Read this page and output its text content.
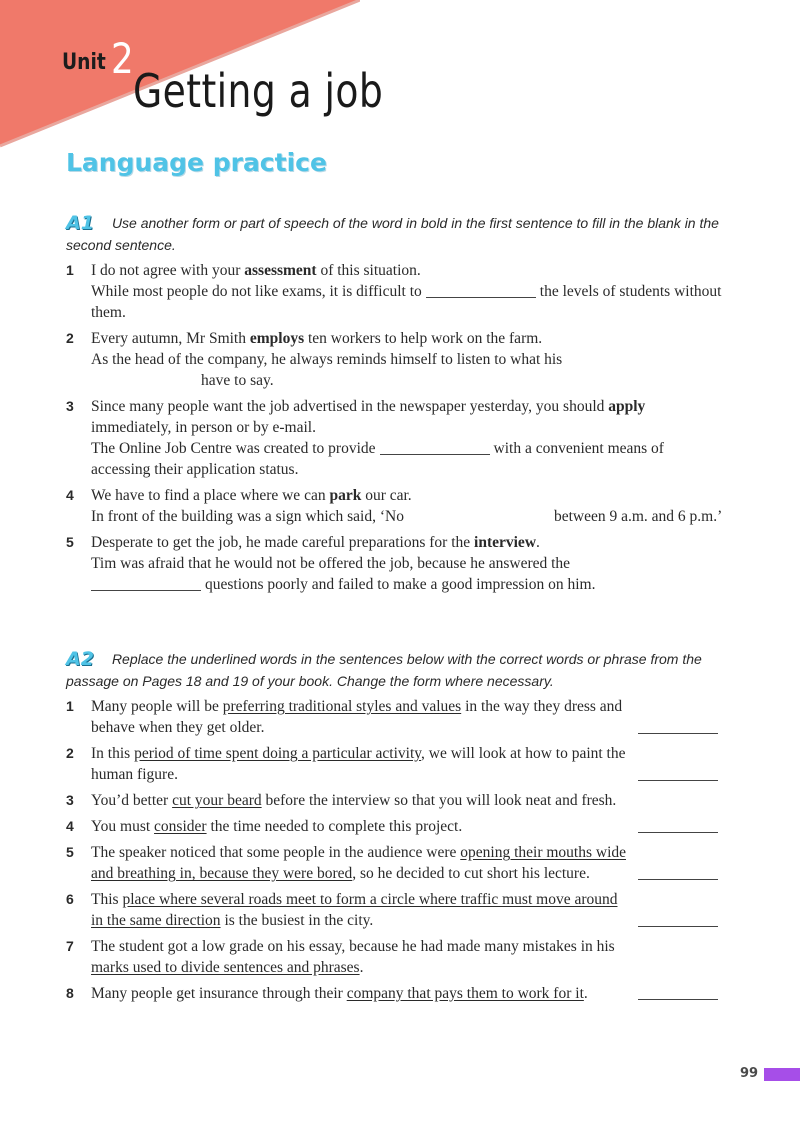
Unit 2
Getting a job
Language practice

A1 Use another form or part of speech of the word in bold in the first sentence to fill in the blank in the second sentence.

1 I do not agree with your assessment of this situation.
While most people do not like exams, it is difficult to	the levels of students without them.
2 Every autumn, Mr Smith employs ten workers to help work on the farm.
As the head of the company, he always reminds himself to listen to what his
have to say.
3 Since many people want the job advertised in the newspaper yesterday, you should apply immediately, in person or by e-mail.
The Online Job Centre was created to provide	with a convenient means of accessing their application status.
4 We have to find a place where we can park our car.
In front of the building was a sign which said, ‘No	between 9 a.m. and 6 p.m.’
5 Desperate to get the job, he made careful preparations for the interview.
Tim was afraid that he would not be offered the job, because he answered the
questions poorly and failed to make a good impression on him.

A2 Replace the underlined words in the sentences below with the correct words or phrase from the passage on Pages 18 and 19 of your book. Change the form where necessary.

1 Many people will be preferring traditional styles and values in the way they dress and behave when they get older.
2 In this period of time spent doing a particular activity, we will look at how to paint the human figure.
3 You’d better cut your beard before the interview so that you will look neat and fresh.
4 You must consider the time needed to complete this project.
5 The speaker noticed that some people in the audience were opening their mouths wide and breathing in, because they were bored, so he decided to cut short his lecture.
6 This place where several roads meet to form a circle where traffic must move around in the same direction is the busiest in the city.
7 The student got a low grade on his essay, because he had made many mistakes in his marks used to divide sentences and phrases.
8 Many people get insurance through their company that pays them to work for it.
99
